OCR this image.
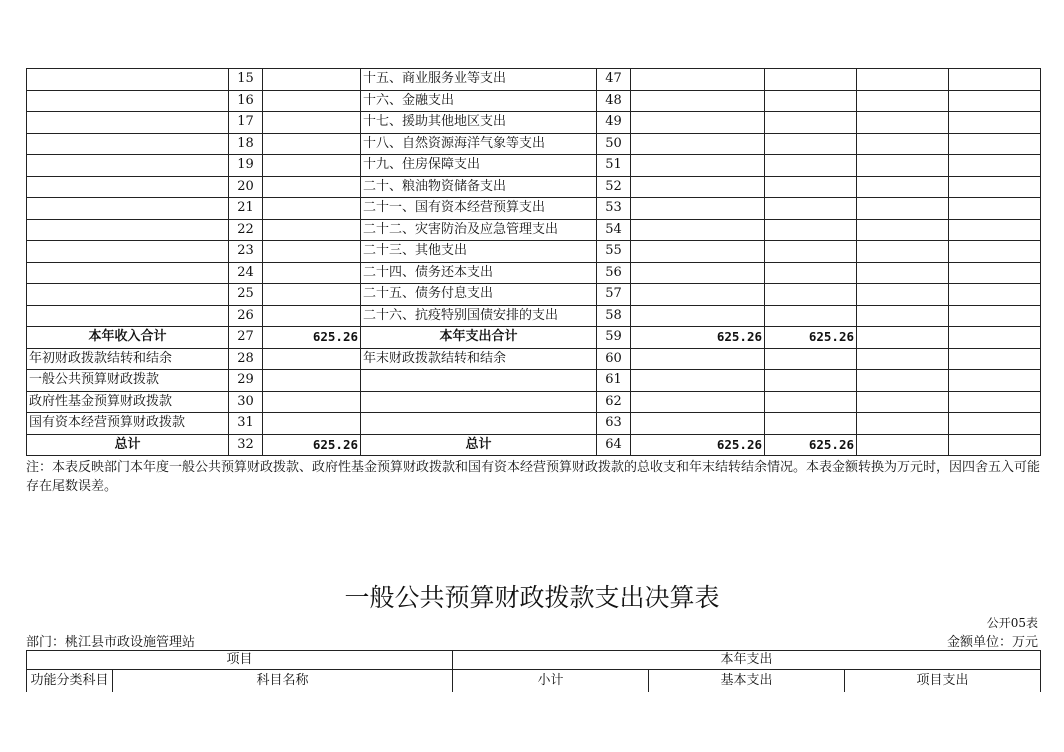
	15		十五、商业服务业等支出	47				
	16		十六、金融支出	48				
	17		十七、援助其他地区支出	49				
	18		十八、自然资源海洋气象等支出	50				
	19		十九、住房保障支出	51				
	20		二十、粮油物资储备支出	52				
	21		二十一、国有资本经营预算支出	53				
	22		二十二、灾害防治及应急管理支出	54				
	23		二十三、其他支出	55				
	24		二十四、债务还本支出	56				
	25		二十五、债务付息支出	57				
	26		二十六、抗疫特别国债安排的支出	58				
本年收入合计	27	625.26	本年支出合计	59	625.26	625.26		
年初财政拨款结转和结余	28		年末财政拨款结转和结余	60				
一般公共预算财政拨款	29			61				
政府性基金预算财政拨款	30			62				
国有资本经营预算财政拨款	31			63				
总计	32	625.26	总计	64	625.26	625.26		
注：本表反映部门本年度一般公共预算财政拨款、政府性基金预算财政拨款和国有资本经营预算财政拨款的总收支和年末结转结余情况。本表金额转换为万元时，因四舍五入可能存在尾数误差。
一般公共预算财政拨款支出决算表
公开05表
部门：桃江县市政设施管理站	金额单位：万元
项目		本年支出		
功能分类科目	科目名称	小计	基本支出	项目支出
